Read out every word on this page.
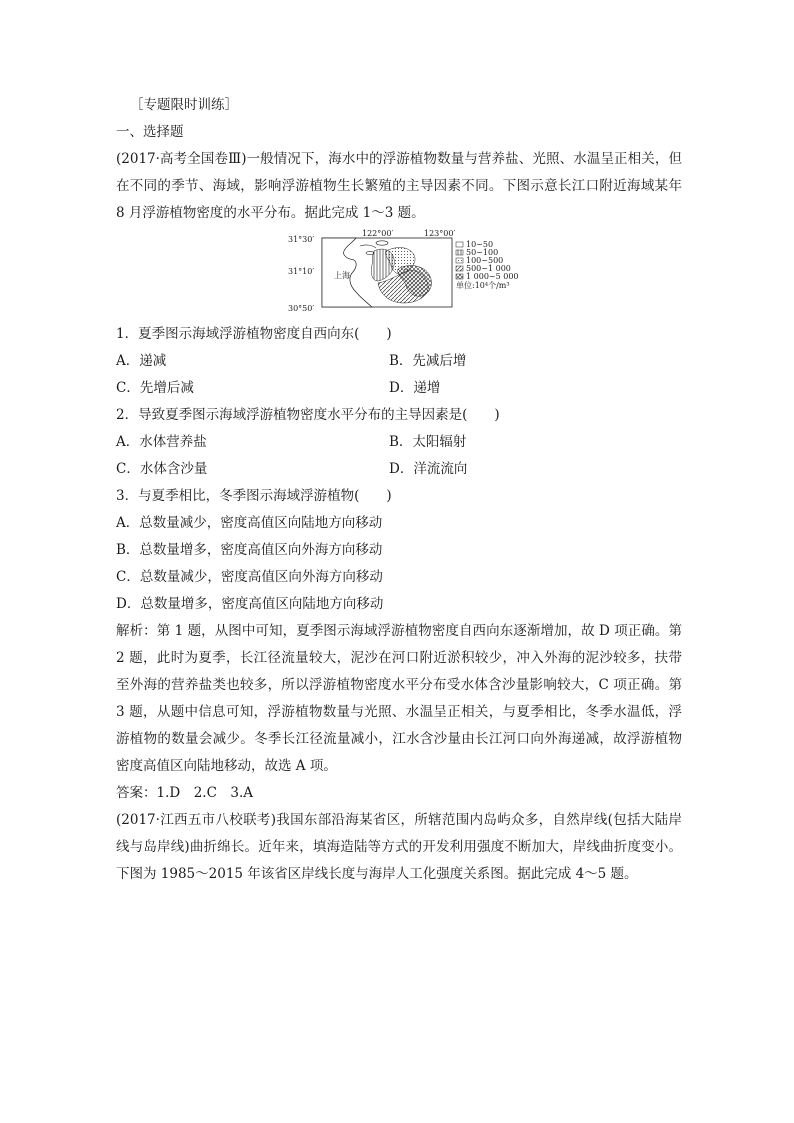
［专题限时训练］
一、选择题
(2017·高考全国卷Ⅲ)一般情况下，海水中的浮游植物数量与营养盐、光照、水温呈正相关，但在不同的季节、海域，影响浮游植物生长繁殖的主导因素不同。下图示意长江口附近海域某年 8 月浮游植物密度的水平分布。据此完成 1～3 题。
31°30′
31°10′
30°50′
122°00′	123°00′
上海
10~50
50~100
100~500
500~1 000
1 000~5 000
单位:10⁴个/m³
1．夏季图示海域浮游植物密度自西向东(　　)
A．递减	B．先减后增
C．先增后减	D．递增
2．导致夏季图示海域浮游植物密度水平分布的主导因素是(　　)
A．水体营养盐	B．太阳辐射
C．水体含沙量	D．洋流流向
3．与夏季相比，冬季图示海域浮游植物(　　)
A．总数量减少，密度高值区向陆地方向移动
B．总数量增多，密度高值区向外海方向移动
C．总数量减少，密度高值区向外海方向移动
D．总数量增多，密度高值区向陆地方向移动
解析：第 1 题，从图中可知，夏季图示海域浮游植物密度自西向东逐渐增加，故 D 项正确。第 2 题，此时为夏季，长江径流量较大，泥沙在河口附近淤积较少，冲入外海的泥沙较多，扶带至外海的营养盐类也较多，所以浮游植物密度水平分布受水体含沙量影响较大，C 项正确。第 3 题，从题中信息可知，浮游植物数量与光照、水温呈正相关，与夏季相比，冬季水温低，浮游植物的数量会减少。冬季长江径流量减小，江水含沙量由长江河口向外海递减，故浮游植物密度高值区向陆地移动，故选 A 项。
答案：1.D　2.C　3.A
(2017·江西五市八校联考)我国东部沿海某省区，所辖范围内岛屿众多，自然岸线(包括大陆岸线与岛岸线)曲折绵长。近年来，填海造陆等方式的开发利用强度不断加大，岸线曲折度变小。下图为 1985～2015 年该省区岸线长度与海岸人工化强度关系图。据此完成 4～5 题。
